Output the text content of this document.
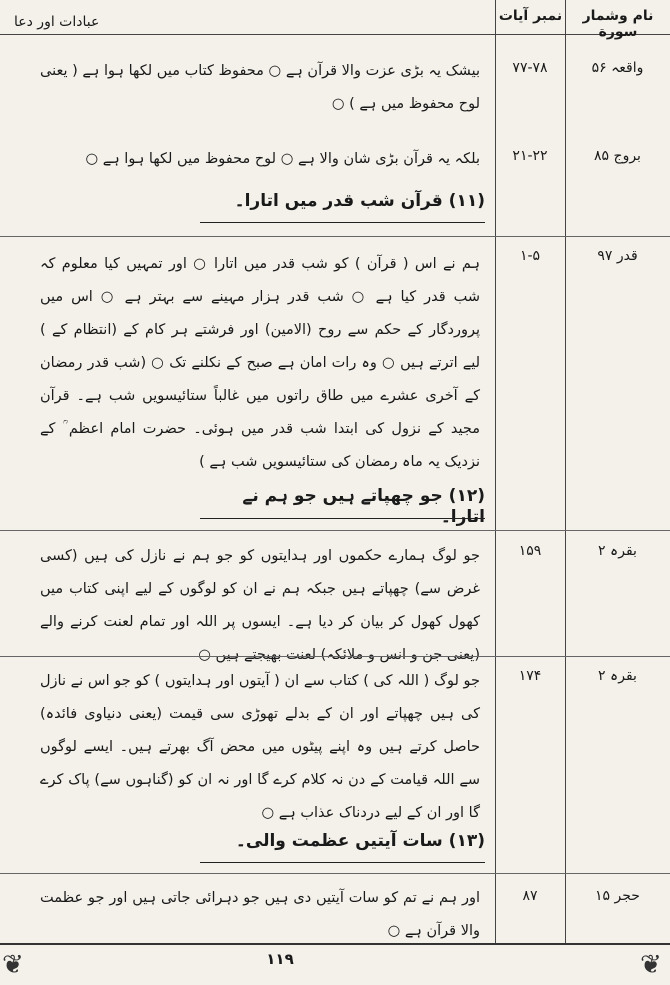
عبادات اور دعا	نام وشمار سورة
نمبر آیات
واقعہ ۵۶
۷۷-۷۸
بیشک یہ بڑی عزت والا قرآن ہے ○ محفوظ کتاب میں لکھا ہوا ہے ( یعنی لوح محفوظ میں ہے ) ○
بروج ۸۵
۲۱-۲۲
بلکہ یہ قرآن بڑی شان والا ہے ○ لوح محفوظ میں لکھا ہوا ہے ○
(۱۱) قرآن شب قدر میں اتارا۔
قدر ۹۷
۱-۵
ہم نے اس ( قرآن ) کو شب قدر میں اتارا ○ اور تمہیں کیا معلوم کہ شب قدر کیا ہے ○ شب قدر ہزار مہینے سے بہتر ہے ○ اس میں پروردگار کے حکم سے روح (الامین) اور فرشتے ہر کام کے (انتظام کے ) لیے اترتے ہیں ○ وہ رات امان ہے صبح کے نکلنے تک ○ (شب قدر رمضان کے آخری عشرے میں طاق راتوں میں غالباً ستائیسویں شب ہے۔ قرآن مجید کے نزول کی ابتدا شب قدر میں ہوئی۔ حضرت امام اعظم ؒ کے نزدیک یہ ماہ رمضان کی ستائیسویں شب ہے )
(۱۲) جو چھپاتے ہیں جو ہم نے اتارا۔
بقرہ ۲
۱۵۹
جو لوگ ہمارے حکموں اور ہدایتوں کو جو ہم نے نازل کی ہیں (کسی غرض سے) چھپاتے ہیں جبکہ ہم نے ان کو لوگوں کے لیے اپنی کتاب میں کھول کھول کر بیان کر دیا ہے۔ ایسوں پر اللہ اور تمام لعنت کرنے والے (یعنی جن و انس و ملائکہ) لعنت بھیجتے ہیں ○
بقرہ ۲
۱۷۴
جو لوگ ( اللہ کی ) کتاب سے ان ( آیتوں اور ہدایتوں ) کو جو اس نے نازل کی ہیں چھپاتے اور ان کے بدلے تھوڑی سی قیمت (یعنی دنیاوی فائدہ) حاصل کرتے ہیں وہ اپنے پیٹوں میں محض آگ بھرتے ہیں۔ ایسے لوگوں سے اللہ قیامت کے دن نہ کلام کرے گا اور نہ ان کو (گناہوں سے) پاک کرے گا اور ان کے لیے دردناک عذاب ہے ○
(۱۳) سات آیتیں عظمت والی۔
حجر ۱۵
۸۷
اور ہم نے تم کو سات آیتیں دی ہیں جو دہرائی جاتی ہیں اور جو عظمت والا قرآن ہے ○
❦	❦
۱۱۹
